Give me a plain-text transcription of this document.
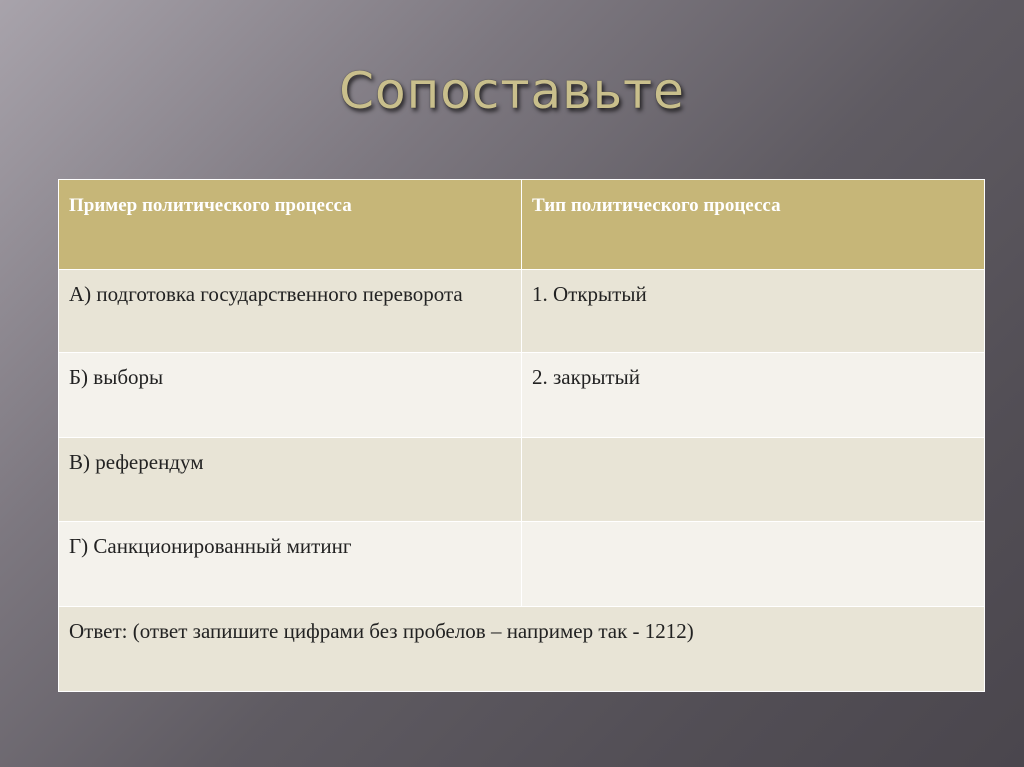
Сопоставьте
Пример политического процесса	Тип политического процесса
А) подготовка государственного переворота	1. Открытый
Б) выборы	2. закрытый
В) референдум	
Г) Санкционированный митинг	
Ответ: (ответ запишите цифрами без пробелов – например так - 1212)	
